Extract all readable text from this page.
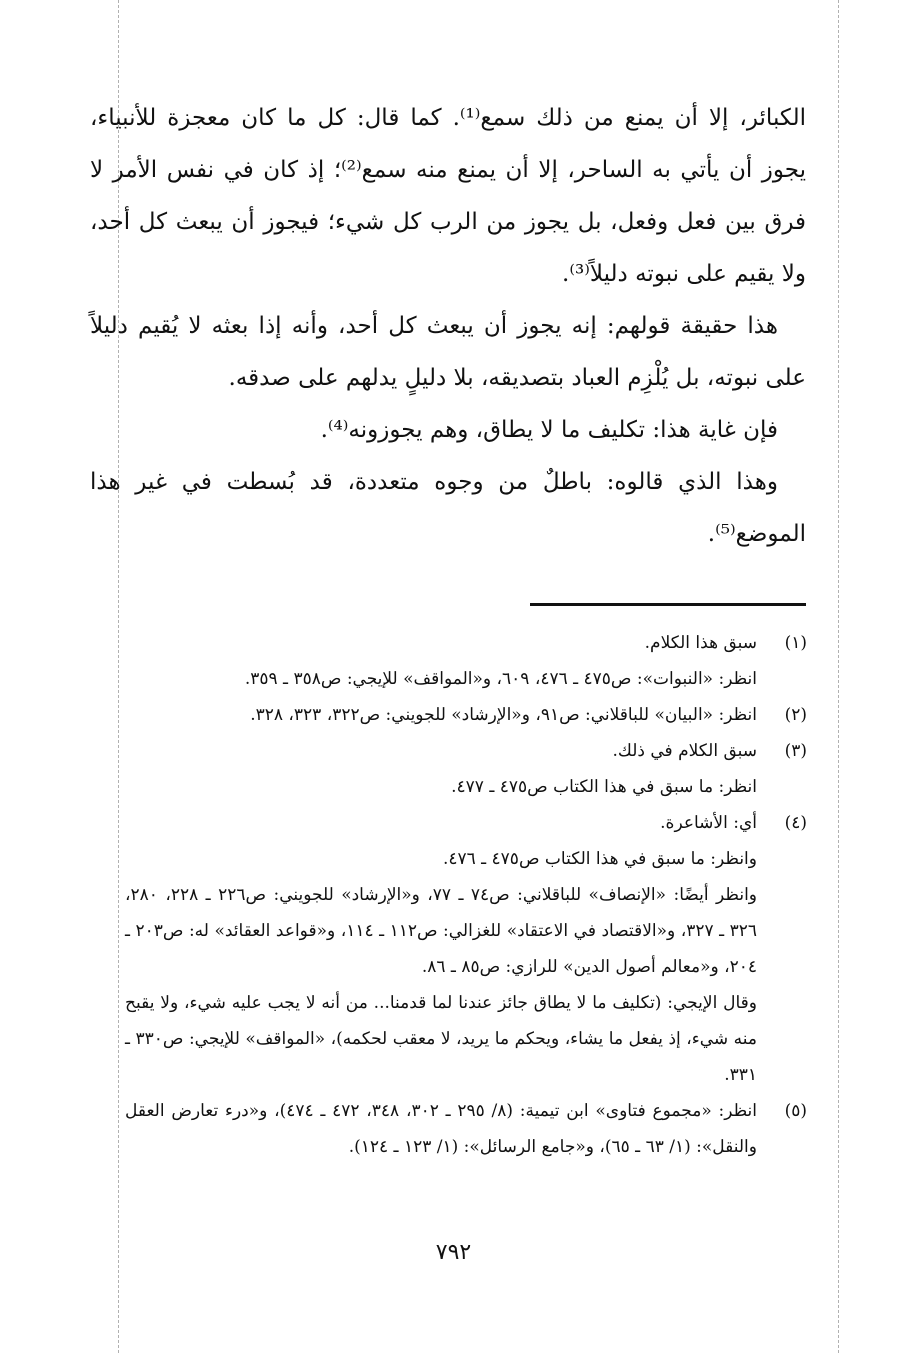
الكبائر، إلا أن يمنع من ذلك سمع⁽¹⁾. كما قال: كل ما كان معجزة للأنبياء، يجوز أن يأتي به الساحر، إلا أن يمنع منه سمع⁽²⁾؛ إذ كان في نفس الأمر لا فرق بين فعل وفعل، بل يجوز من الرب كل شيء؛ فيجوز أن يبعث كل أحد، ولا يقيم على نبوته دليلاً⁽³⁾.

هذا حقيقة قولهم: إنه يجوز أن يبعث كل أحد، وأنه إذا بعثه لا يُقيم دليلاً على نبوته، بل يُلْزِم العباد بتصديقه، بلا دليلٍ يدلهم على صدقه.

فإن غاية هذا: تكليف ما لا يطاق، وهم يجوزونه⁽⁴⁾.

وهذا الذي قالوه: باطلٌ من وجوه متعددة، قد بُسطت في غير هذا الموضع⁽⁵⁾.

(١)
سبق هذا الكلام.
انظر: «النبوات»: ص٤٧٥ ـ ٤٧٦، ٦٠٩، و«المواقف» للإيجي: ص٣٥٨ ـ ٣٥٩.
(٢)
انظر: «البيان» للباقلاني: ص٩١، و«الإرشاد» للجويني: ص٣٢٢، ٣٢٣، ٣٢٨.
(٣)
سبق الكلام في ذلك.
انظر: ما سبق في هذا الكتاب ص٤٧٥ ـ ٤٧٧.
(٤)
أي: الأشاعرة.
وانظر: ما سبق في هذا الكتاب ص٤٧٥ ـ ٤٧٦.
وانظر أيضًا: «الإنصاف» للباقلاني: ص٧٤ ـ ٧٧، و«الإرشاد» للجويني: ص٢٢٦ ـ ٢٢٨، ٢٨٠، ٣٢٦ ـ ٣٢٧، و«الاقتصاد في الاعتقاد» للغزالي: ص١١٢ ـ ١١٤، و«قواعد العقائد» له: ص٢٠٣ ـ ٢٠٤، و«معالم أصول الدين» للرازي: ص٨٥ ـ ٨٦.
وقال الإيجي: (تكليف ما لا يطاق جائز عندنا لما قدمنا... من أنه لا يجب عليه شيء، ولا يقبح منه شيء، إذ يفعل ما يشاء، ويحكم ما يريد، لا معقب لحكمه)، «المواقف» للإيجي: ص٣٣٠ ـ ٣٣١.
(٥)
انظر: «مجموع فتاوى» ابن تيمية: (٨/ ٢٩٥ ـ ٣٠٢، ٣٤٨، ٤٧٢ ـ ٤٧٤)، و«درء تعارض العقل والنقل»: (١/ ٦٣ ـ ٦٥)، و«جامع الرسائل»: (١/ ١٢٣ ـ ١٢٤).
٧٩٢
